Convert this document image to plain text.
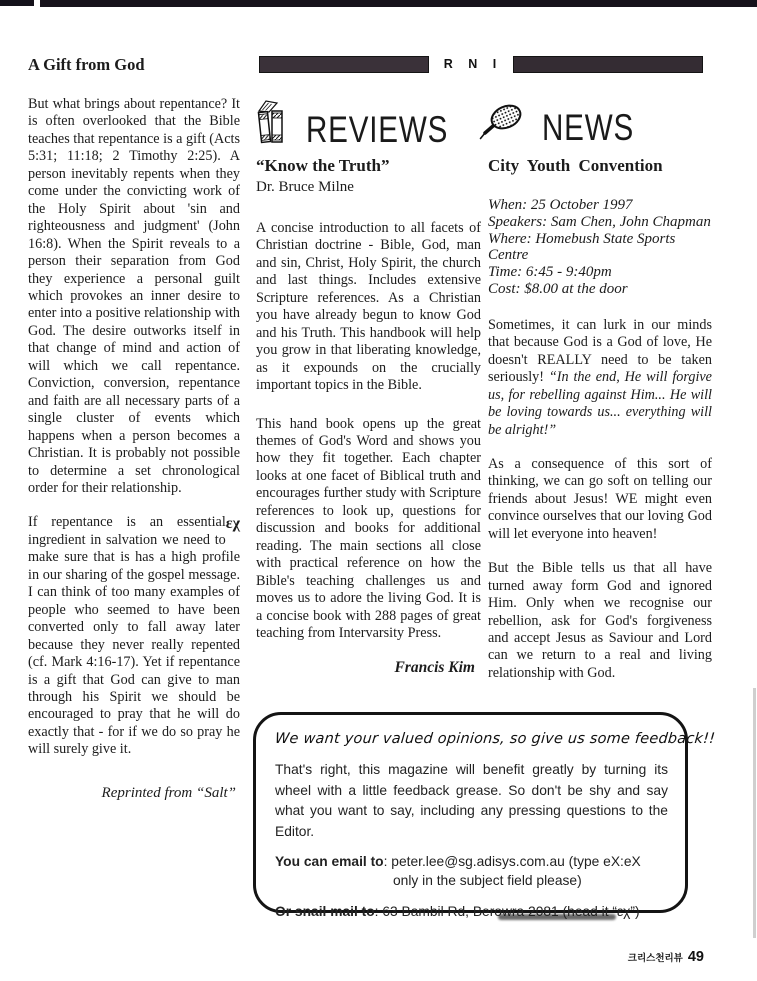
R N I
A Gift from God

But what brings about repentance? It is often overlooked that the Bible teaches that repentance is a gift (Acts 5:31; 11:18; 2 Timothy 2:25). A person inevitably repents when they come under the convicting work of the Holy Spirit about 'sin and righteousness and judgment' (John 16:8). When the Spirit reveals to a person their separation from God they experience a personal guilt which provokes an inner desire to enter into a positive relationship with God. The desire outworks itself in that change of mind and action of will which we call repentance. Conviction, conversion, repentance and faith are all necessary parts of a single cluster of events which happens when a person becomes a Christian. It is probably not possible to determine a set chronological order for their relationship.

εχ
If repentance is an essential ingredient in salvation we need to make sure that is has a high profile in our sharing of the gospel message. I can think of too many examples of people who seemed to have been converted only to fall away later because they never really repented (cf. Mark 4:16-17). Yet if repentance is a gift that God can give to man through his Spirit we should be encouraged to pray that he will do exactly that - for if we do so pray he will surely give it.

Reprinted from “Salt”
REVIEWS	NEWS
“Know the Truth”
Dr. Bruce Milne

A concise introduction to all facets of Christian doctrine - Bible, God, man and sin, Christ, Holy Spirit, the church and last things. Includes extensive Scripture references. As a Christian you have already begun to know God and his Truth. This handbook will help you grow in that liberating knowledge, as it expounds on the crucially important topics in the Bible.

This hand book opens up the great themes of God's Word and shows you how they fit together. Each chapter looks at one facet of Biblical truth and encourages further study with Scripture references to look up, questions for discussion and books for additional reading. The main sections all close with practical reference on how the Bible's teaching challenges us and moves us to adore the living God. It is a concise book with 288 pages of great teaching from Intervarsity Press.

Francis Kim
City Youth Convention
When: 25 October 1997
Speakers: Sam Chen, John Chapman
Where: Homebush State Sports Centre
Time: 6:45 - 9:40pm
Cost: $8.00 at the door

Sometimes, it can lurk in our minds that because God is a God of love, He doesn't REALLY need to be taken seriously! “In the end, He will forgive us, for rebelling against Him... He will be loving towards us... everything will be alright!”

As a consequence of this sort of thinking, we can go soft on telling our friends about Jesus! WE might even convince ourselves that our loving God will let everyone into heaven!

But the Bible tells us that all have turned away form God and ignored Him. Only when we recognise our rebellion, ask for God's forgiveness and accept Jesus as Saviour and Lord can we return to a real and living relationship with God.

We want your valued opinions, so give us some feedback!!
That's right, this magazine will benefit greatly by turning its wheel with a little feedback grease. So don't be shy and say what you want to say, including any pressing questions to the Editor.
You can email to: peter.lee@sg.adisys.com.au (type eX:eX only in the subject field please)
Or snail mail to: 63 Bambil Rd, Berowra 2081 (head it “εχ”)
크리스천리뷰 49
